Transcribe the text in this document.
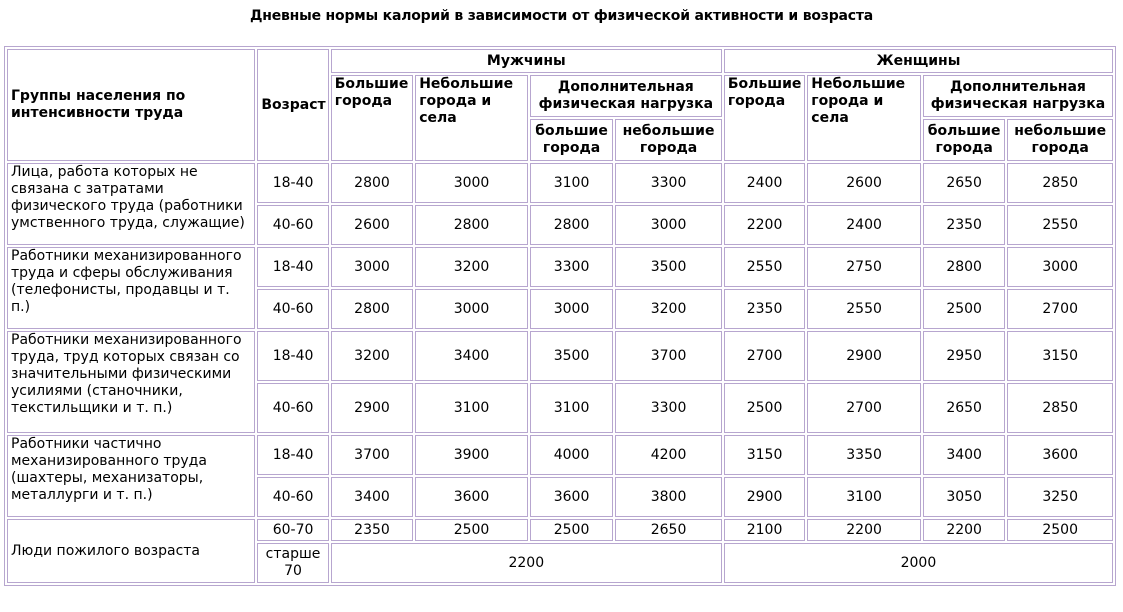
Дневные нормы калорий в зависимости от физической активности и возраста
Группы населения по интенсивности труда	Возраст	Мужчины				Женщины			
		Большие города	Небольшие города и села	Дополнительная физическая нагрузка		Большие города	Небольшие города и села	Дополнительная физическая нагрузка	
				большие города	небольшие города			большие города	небольшие города
Лица, работа которых не связана с затратами физического труда (работники умственного труда, служащие)	18-40	2800	3000	3100	3300	2400	2600	2650	2850
	40-60	2600	2800	2800	3000	2200	2400	2350	2550
Работники механизированного труда и сферы обслуживания (телефонисты, продавцы и т. п.)	18-40	3000	3200	3300	3500	2550	2750	2800	3000
	40-60	2800	3000	3000	3200	2350	2550	2500	2700
Работники механизированного труда, труд которых связан со значительными физическими усилиями (станочники, текстильщики и т. п.)	18-40	3200	3400	3500	3700	2700	2900	2950	3150
	40-60	2900	3100	3100	3300	2500	2700	2650	2850
Работники частично механизированного труда (шахтеры, механизаторы, металлурги и т. п.)	18-40	3700	3900	4000	4200	3150	3350	3400	3600
	40-60	3400	3600	3600	3800	2900	3100	3050	3250
Люди пожилого возраста	60-70	2350	2500	2500	2650	2100	2200	2200	2500
	старше 70	2200				2000			
